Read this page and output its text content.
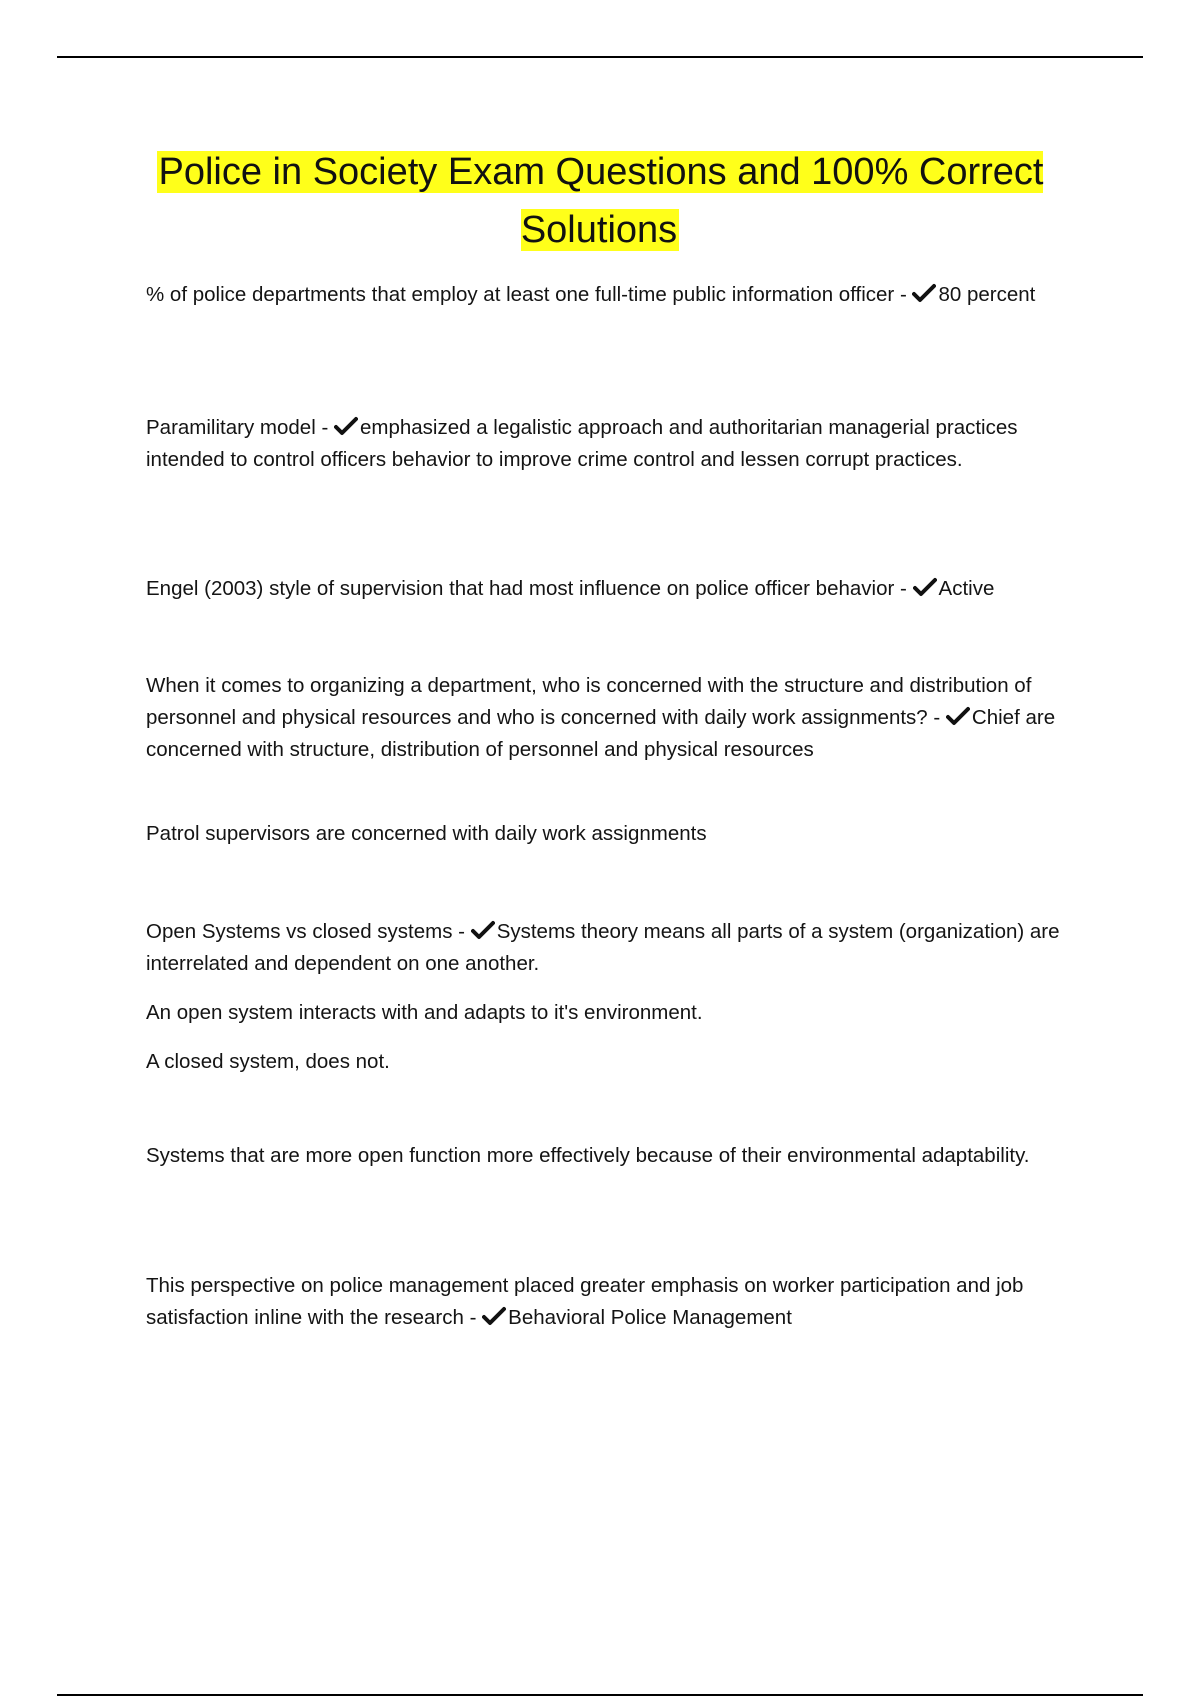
Police in Society Exam Questions and 100% Correct Solutions

% of police departments that employ at least one full-time public information officer -
80 percent

Paramilitary model -
emphasized a legalistic approach and authoritarian managerial practices intended to control officers behavior to improve crime control and lessen corrupt practices.

Engel (2003) style of supervision that had most influence on police officer behavior -
Active

When it comes to organizing a department, who is concerned with the structure and distribution of personnel and physical resources and who is concerned with daily work assignments? -
Chief are concerned with structure, distribution of personnel and physical resources

Patrol supervisors are concerned with daily work assignments

Open Systems vs closed systems -
Systems theory means all parts of a system (organization) are interrelated and dependent on one another.

An open system interacts with and adapts to it's environment.

A closed system, does not.

Systems that are more open function more effectively because of their environmental adaptability.

This perspective on police management placed greater emphasis on worker participation and job satisfaction inline with the research -
Behavioral Police Management
